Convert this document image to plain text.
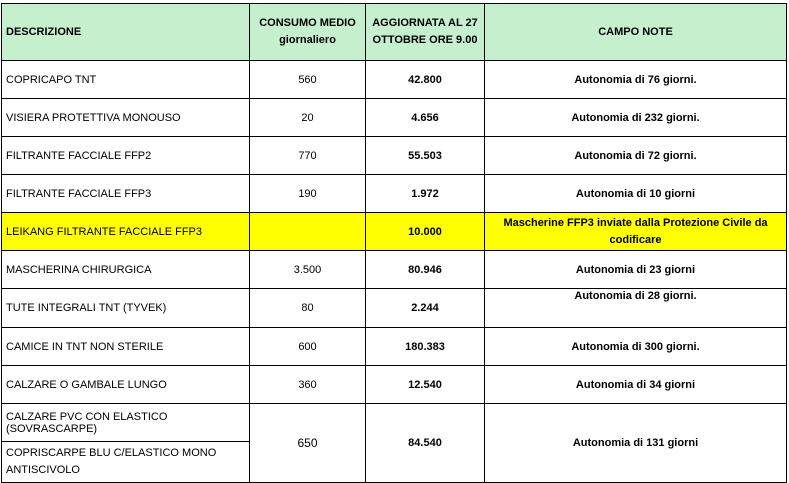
DESCRIZIONE	CONSUMO MEDIO giornaliero	AGGIORNATA AL 27 OTTOBRE ORE 9.00	CAMPO NOTE
COPRICAPO TNT	560	42.800	Autonomia di 76 giorni.
VISIERA PROTETTIVA MONOUSO	20	4.656	Autonomia di 232 giorni.
FILTRANTE FACCIALE FFP2	770	55.503	Autonomia di 72 giorni.
FILTRANTE FACCIALE FFP3	190	1.972	Autonomia di 10 giorni
LEIKANG FILTRANTE FACCIALE FFP3		10.000	Mascherine FFP3 inviate dalla Protezione Civile da codificare
MASCHERINA CHIRURGICA	3.500	80.946	Autonomia di 23 giorni
TUTE INTEGRALI TNT (TYVEK)	80	2.244	Autonomia di 28 giorni.
CAMICE IN TNT NON STERILE	600	180.383	Autonomia di 300 giorni.
CALZARE O GAMBALE LUNGO	360	12.540	Autonomia di 34 giorni
CALZARE PVC CON ELASTICO (SOVRASCARPE)	650	84.540	Autonomia di 131 giorni
COPRISCARPE BLU C/ELASTICO MONO ANTISCIVOLO			
